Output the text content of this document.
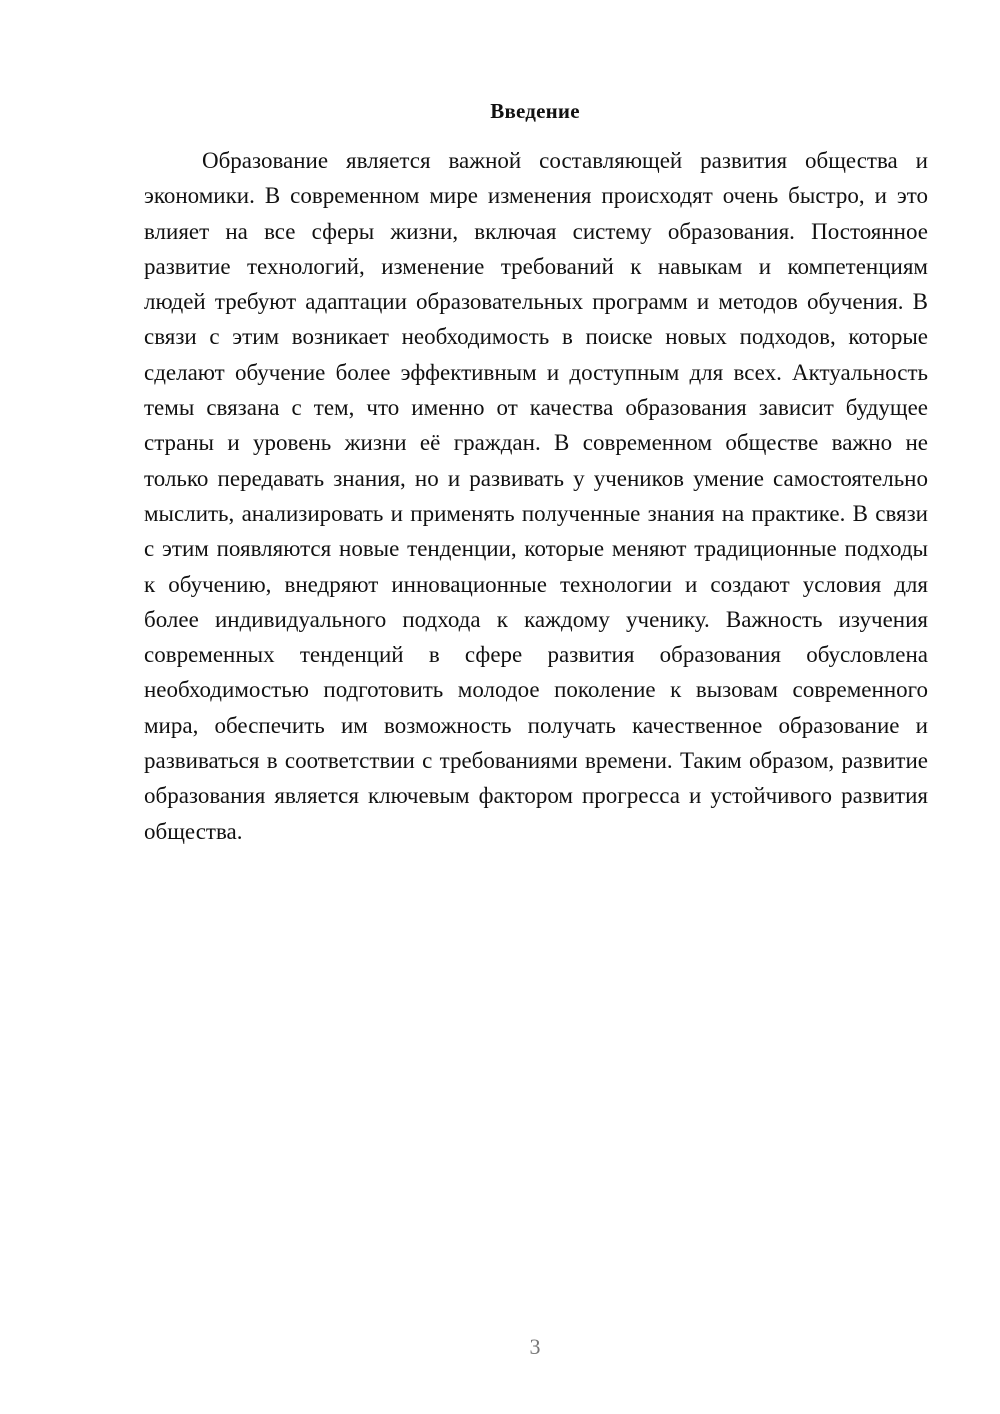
Введение

Образование является важной составляющей развития общества и экономики. В современном мире изменения происходят очень быстро, и это влияет на все сферы жизни, включая систему образования. Постоянное развитие технологий, изменение требований к навыкам и компетенциям людей требуют адаптации образовательных программ и методов обучения. В связи с этим возникает необходимость в поиске новых подходов, которые сделают обучение более эффективным и доступным для всех. Актуальность темы связана с тем, что именно от качества образования зависит будущее страны и уровень жизни её граждан. В современном обществе важно не только передавать знания, но и развивать у учеников умение самостоятельно мыслить, анализировать и применять полученные знания на практике. В связи с этим появляются новые тенденции, которые меняют традиционные подходы к обучению, внедряют инновационные технологии и создают условия для более индивидуального подхода к каждому ученику. Важность изучения современных тенденций в сфере развития образования обусловлена необходимостью подготовить молодое поколение к вызовам современного мира, обеспечить им возможность получать качественное образование и развиваться в соответствии с требованиями времени. Таким образом, развитие образования является ключевым фактором прогресса и устойчивого развития общества.

3
